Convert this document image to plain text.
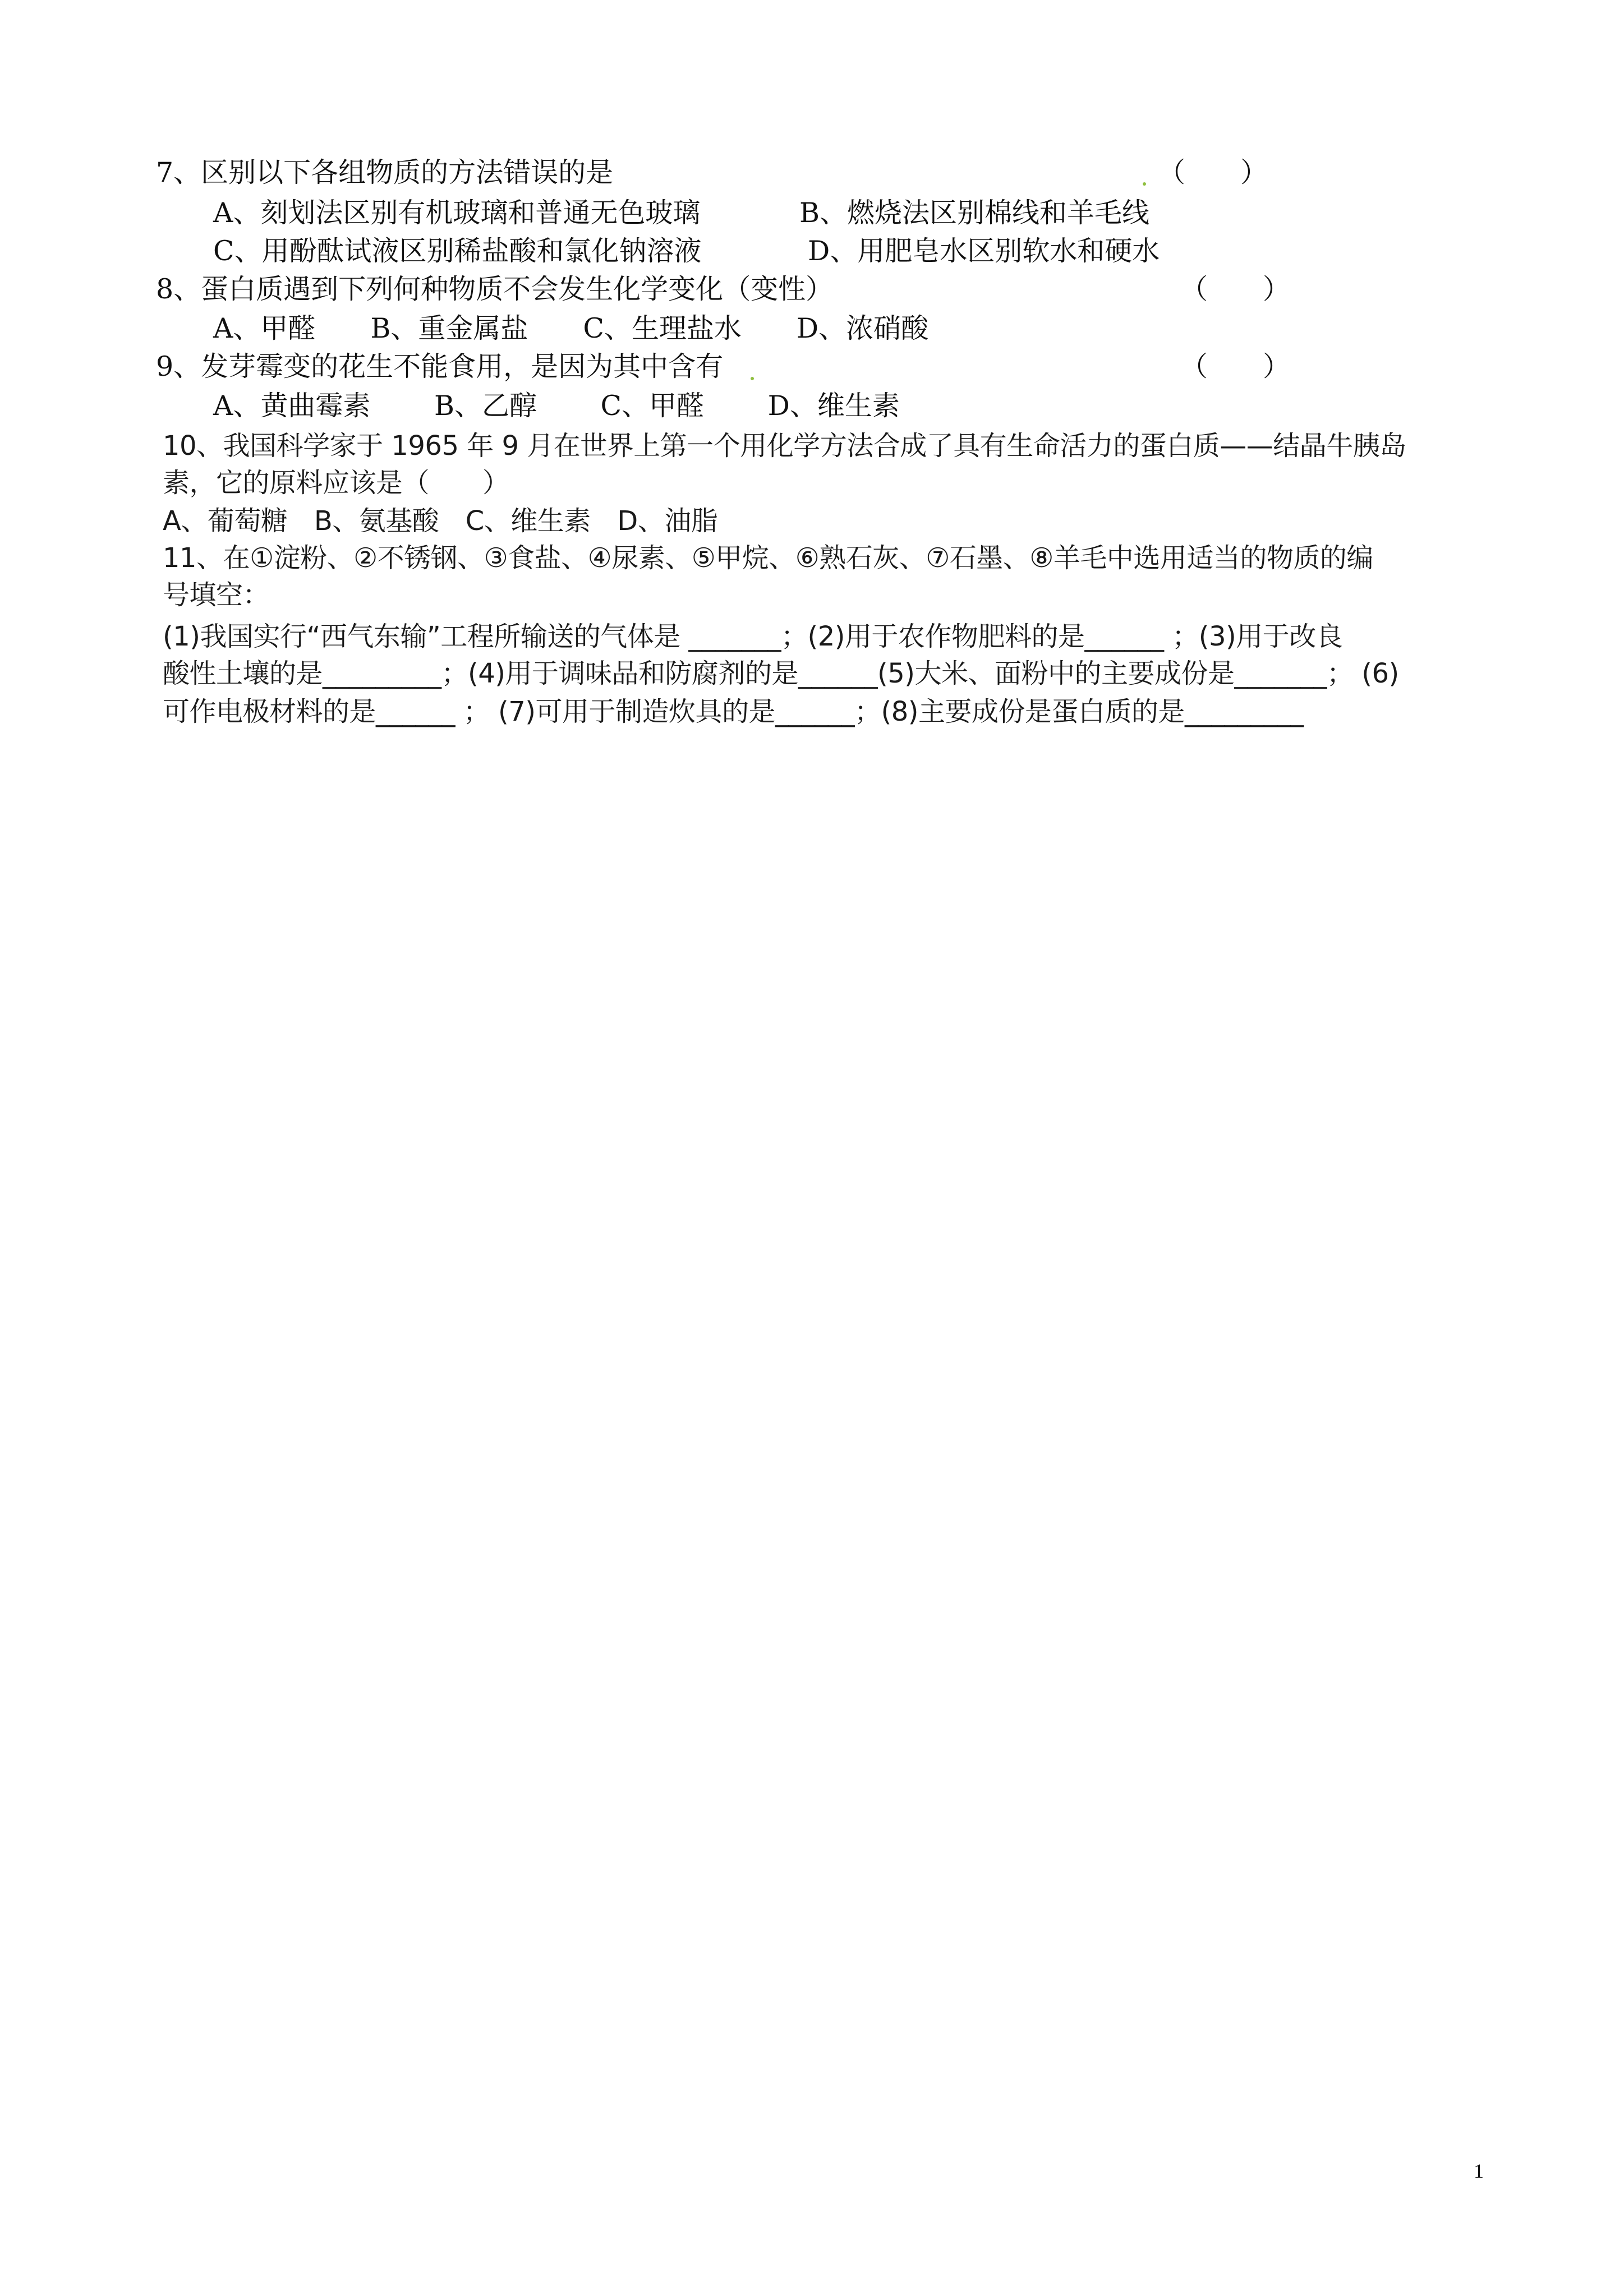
7、区别以下各组物质的方法错误的是	（　　）
A、刻划法区别有机玻璃和普通无色玻璃	B、燃烧法区别棉线和羊毛线
C、用酚酞试液区别稀盐酸和氯化钠溶液	D、用肥皂水区别软水和硬水
8、蛋白质遇到下列何种物质不会发生化学变化（变性）	（　　）
A、甲醛　　B、重金属盐　　C、生理盐水　　D、浓硝酸
9、发芽霉变的花生不能食用，是因为其中含有	（　　）
A、黄曲霉素　　 B、乙醇　　 C、甲醛　　 D、维生素
10、我国科学家于 1965 年 9 月在世界上第一个用化学方法合成了具有生命活力的蛋白质——结晶牛胰岛
素，它的原料应该是（　　）
A、葡萄糖　B、氨基酸　C、维生素　D、油脂
11、在①淀粉、②不锈钢、③食盐、④尿素、⑤甲烷、⑥熟石灰、⑦石墨、⑧羊毛中选用适当的物质的编
号填空：
(1)我国实行“西气东输”工程所输送的气体是 _______；(2)用于农作物肥料的是______ ；(3)用于改良
酸性土壤的是_________；(4)用于调味品和防腐剂的是______(5)大米、面粉中的主要成份是_______； (6)
可作电极材料的是______ ； (7)可用于制造炊具的是______；(8)主要成份是蛋白质的是_________
1
